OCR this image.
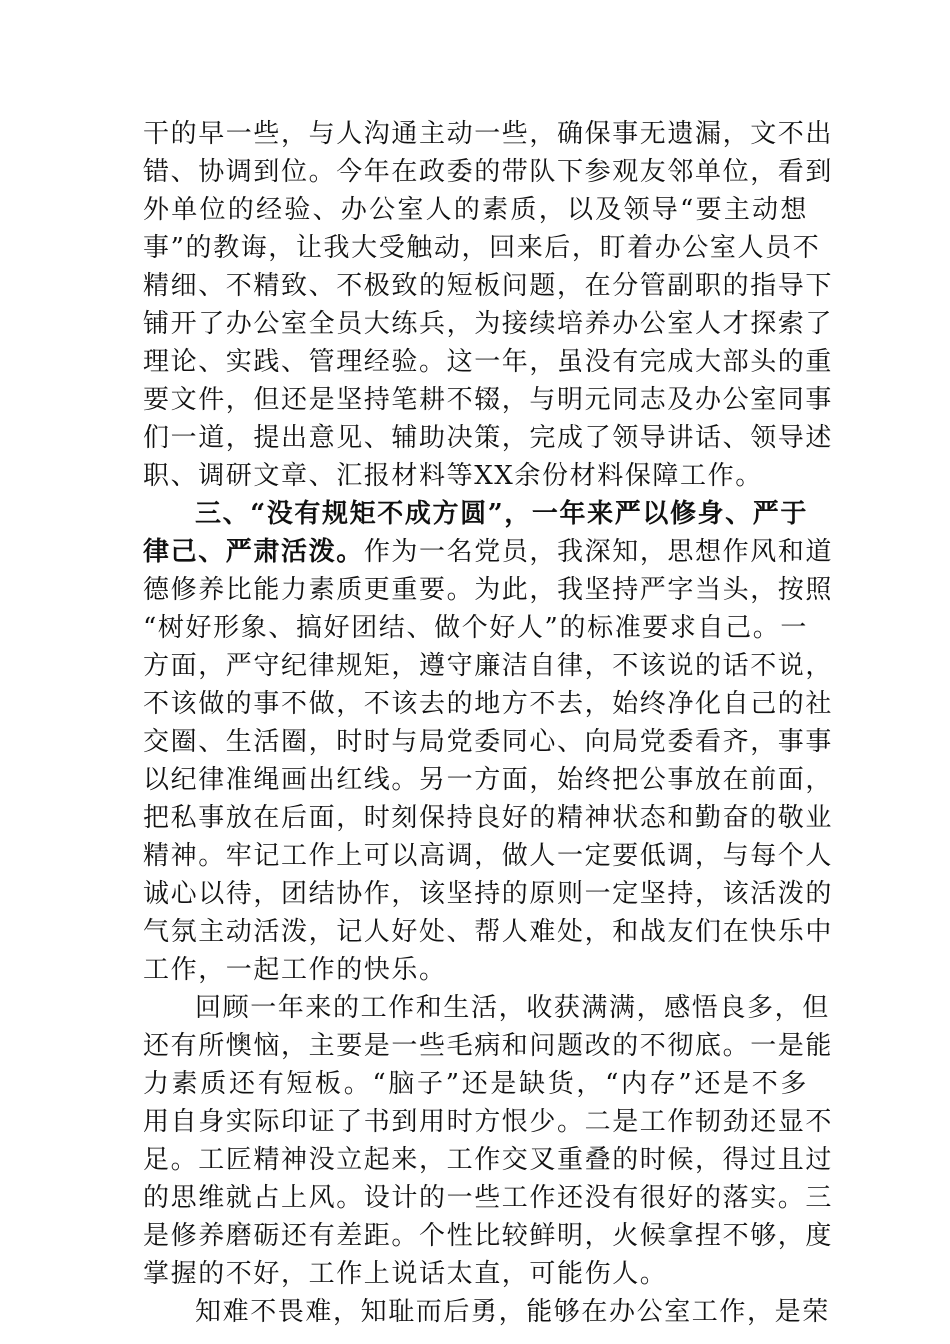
干的早一些，与人沟通主动一些，确保事无遗漏，文不出
错、协调到位。今年在政委的带队下参观友邻单位，看到
外单位的经验、办公室人的素质，以及领导“要主动想
事”的教诲，让我大受触动，回来后，盯着办公室人员不
精细、不精致、不极致的短板问题，在分管副职的指导下
铺开了办公室全员大练兵，为接续培养办公室人才探索了
理论、实践、管理经验。这一年，虽没有完成大部头的重
要文件，但还是坚持笔耕不辍，与明元同志及办公室同事
们一道，提出意见、辅助决策，完成了领导讲话、领导述
职、调研文章、汇报材料等XX余份材料保障工作。
三、“没有规矩不成方圆”，一年来严以修身、严于
律己、严肃活泼。作为一名党员，我深知，思想作风和道
德修养比能力素质更重要。为此，我坚持严字当头，按照
“树好形象、搞好团结、做个好人”的标准要求自己。一
方面，严守纪律规矩，遵守廉洁自律，不该说的话不说，
不该做的事不做，不该去的地方不去，始终净化自己的社
交圈、生活圈，时时与局党委同心、向局党委看齐，事事
以纪律准绳画出红线。另一方面，始终把公事放在前面，
把私事放在后面，时刻保持良好的精神状态和勤奋的敬业
精神。牢记工作上可以高调，做人一定要低调，与每个人
诚心以待，团结协作，该坚持的原则一定坚持，该活泼的
气氛主动活泼，记人好处、帮人难处，和战友们在快乐中
工作，一起工作的快乐。
回顾一年来的工作和生活，收获满满，感悟良多，但
还有所懊恼，主要是一些毛病和问题改的不彻底。一是能
力素质还有短板。“脑子”还是缺货，“内存”还是不多
用自身实际印证了书到用时方恨少。二是工作韧劲还显不
足。工匠精神没立起来，工作交叉重叠的时候，得过且过
的思维就占上风。设计的一些工作还没有很好的落实。三
是修养磨砺还有差距。个性比较鲜明，火候拿捏不够，度
掌握的不好，工作上说话太直，可能伤人。
知难不畏难，知耻而后勇，能够在办公室工作，是荣
